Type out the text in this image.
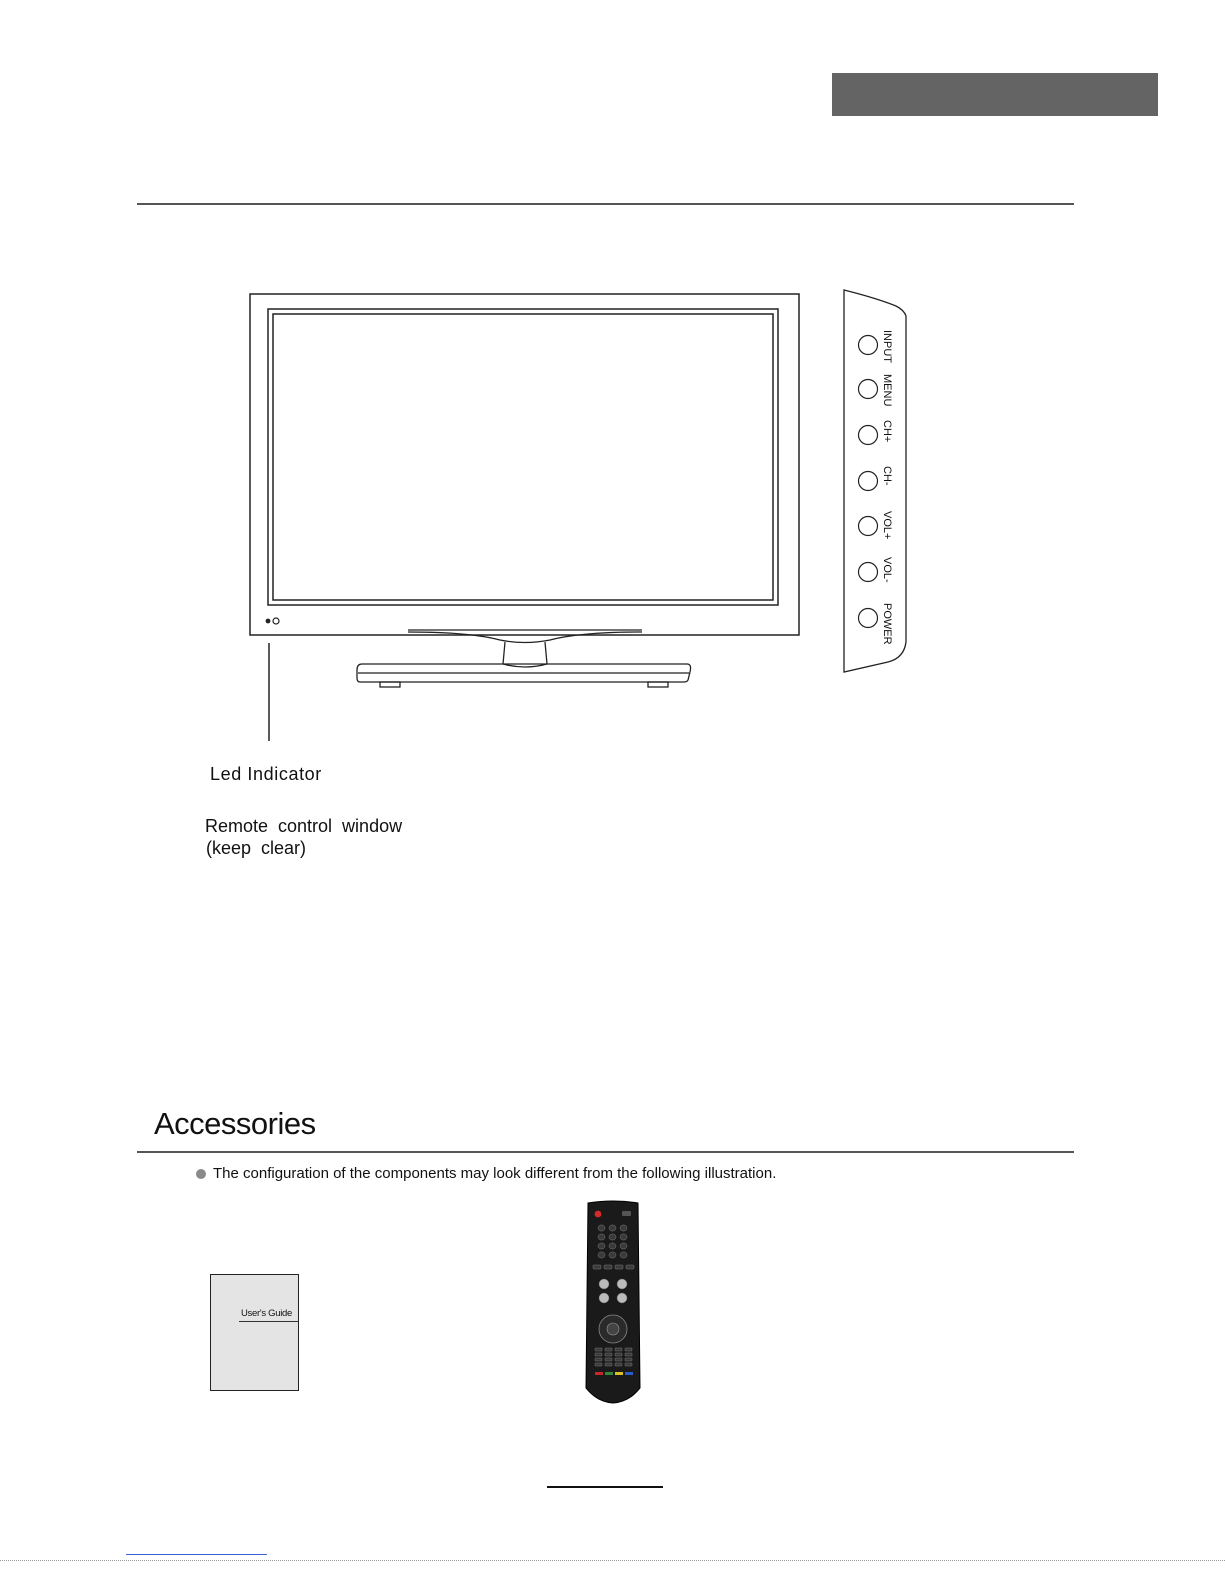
INPUT
MENU
CH+
CH-
VOL+
VOL-
POWER
Led Indicator
Remote control window
(keep clear)
Accessories
The configuration of the components may look different from the following illustration.
User's Guide
